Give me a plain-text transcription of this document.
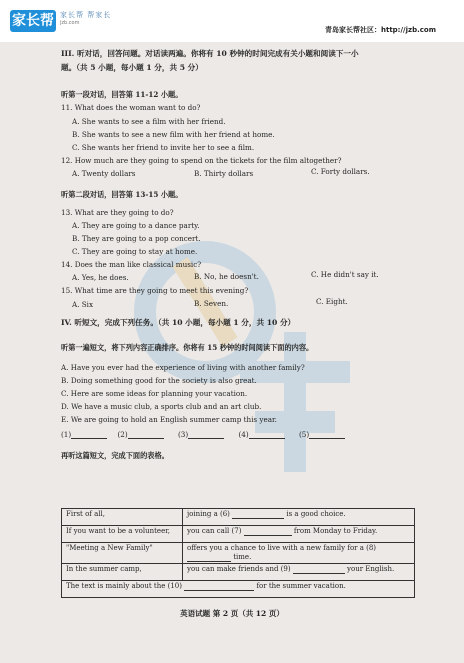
家长帮 家长帮 帮家长
jzb.com
青岛家长帮社区：http://jzb.com
III. 听对话，回答问题。对话读两遍。你将有 10 秒钟的时间完成有关小题和阅读下一小
题。（共 5 小题，每小题 1 分，共 5 分）
听第一段对话，回答第 11-12 小题。
11. What does the woman want to do?
A. She wants to see a film with her friend.
B. She wants to see a new film with her friend at home.
C. She wants her friend to invite her to see a film.
12. How much are they going to spend on the tickets for the film altogether?
A. Twenty dollars	B. Thirty dollars	C. Forty dollars.
听第二段对话，回答第 13-15 小题。
13. What are they going to do?
A. They are going to a dance party.
B. They are going to a pop concert.
C. They are going to stay at home.
14. Does the man like classical music?
A. Yes, he does.	B. No, he doesn't.	C. He didn't say it.
15. What time are they going to meet this evening?
A. Six	B. Seven.	C. Eight.
IV. 听短文，完成下列任务。（共 10 小题，每小题 1 分，共 10 分）
听第一遍短文，将下列内容正确排序。你将有 15 秒钟的时间阅读下面的内容。
A. Have you ever had the experience of living with another family?
B. Doing something good for the society is also great.
C. Here are some ideas for planning your vacation.
D. We have a music club, a sports club and an art club.
E. We are going to hold an English summer camp this year.
(1)	(2)	(3)	(4)	(5)
再听这篇短文，完成下面的表格。
First of all,	joining a (6) is a good choice.
If you want to be a volunteer,	you can call (7) from Monday to Friday.
"Meeting a New Family"	offers you a chance to live with a new family for a (8)
time.

In the summer camp,	you can make friends and (9) your English.
The text is mainly about the (10) for the summer vacation.	
英语试题 第 2 页（共 12 页）
